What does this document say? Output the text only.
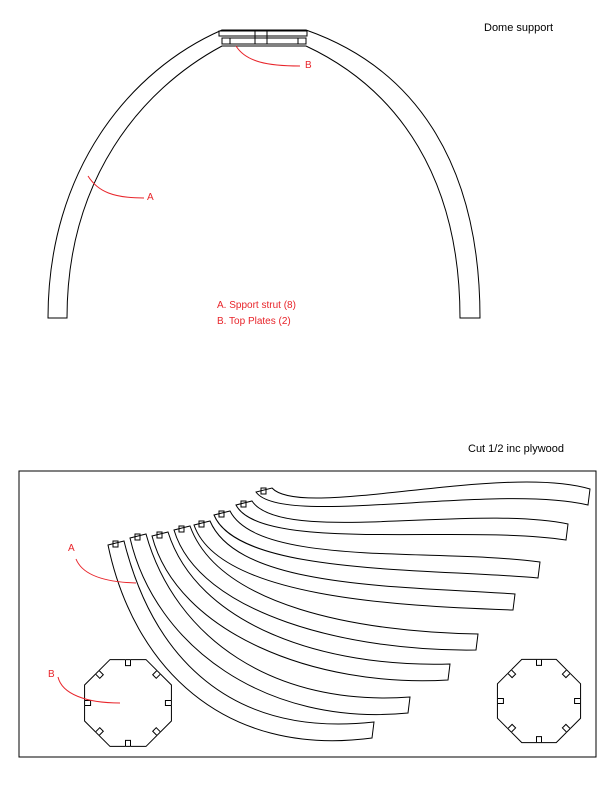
Dome support
B
A
A. Spport strut (8)
B. Top Plates (2)
Cut 1/2 inc plywood
A
B
